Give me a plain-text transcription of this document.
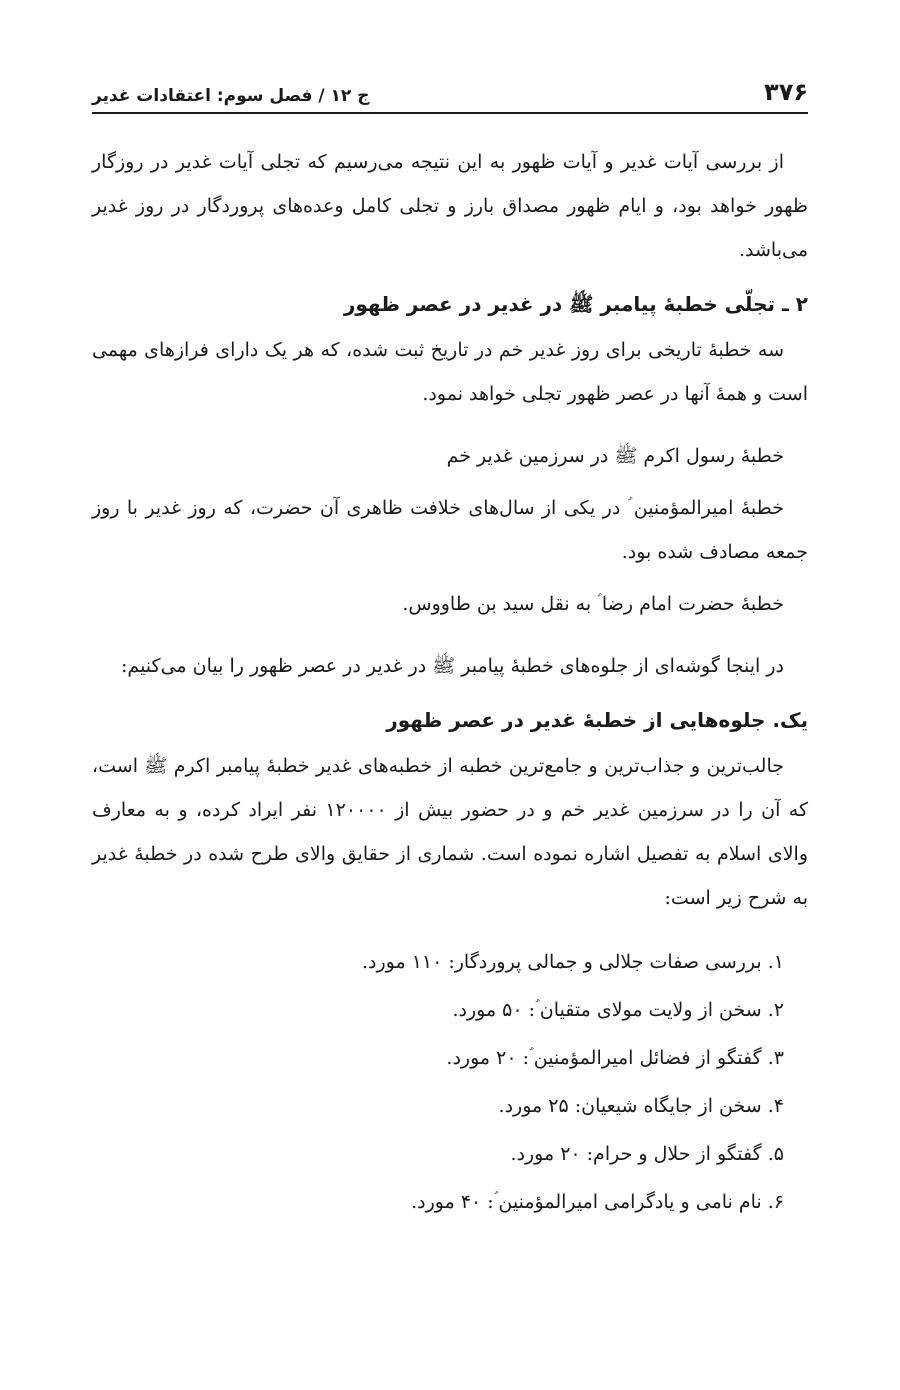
۳۷۶
ج ۱۲ / فصل سوم: اعتقادات غدیر

از بررسی آیات غدیر و آیات ظهور به این نتیجه می‌رسیم که تجلی آیات غدیر در روزگار ظهور خواهد بود، و ایام ظهور مصداق بارز و تجلی کامل وعده‌های پروردگار در روز غدیر می‌باشد.

۲ ـ تجلّی خطبهٔ پیامبر ﷺ در غدیر در عصر ظهور

سه خطبهٔ تاریخی برای روز غدیر خم در تاریخ ثبت شده، که هر یک دارای فرازهای مهمی است و همهٔ آنها در عصر ظهور تجلی خواهد نمود.

خطبهٔ رسول اکرم ﷺ در سرزمین غدیر خم

خطبهٔ امیرالمؤمنین ؑ در یکی از سال‌های خلافت ظاهری آن حضرت، که روز غدیر با روز جمعه مصادف شده بود.

خطبهٔ حضرت امام رضا ؑ به نقل سید بن طاووس.

در اینجا گوشه‌ای از جلوه‌های خطبهٔ پیامبر ﷺ در غدیر در عصر ظهور را بیان می‌کنیم:

یک. جلوه‌هایی از خطبهٔ غدیر در عصر ظهور

جالب‌ترین و جذاب‌ترین و جامع‌ترین خطبه از خطبه‌های غدیر خطبهٔ پیامبر اکرم ﷺ است، که آن را در سرزمین غدیر خم و در حضور بیش از ۱۲۰۰۰۰ نفر ایراد کرده، و به معارف والای اسلام به تفصیل اشاره نموده است. شماری از حقایق والای طرح شده در خطبهٔ غدیر به شرح زیر است:

۱. بررسی صفات جلالی و جمالی پروردگار: ۱۱۰ مورد.
۲. سخن از ولایت مولای متقیان ؑ: ۵۰ مورد.
۳. گفتگو از فضائل امیرالمؤمنین ؑ: ۲۰ مورد.
۴. سخن از جایگاه شیعیان: ۲۵ مورد.
۵. گفتگو از حلال و حرام: ۲۰ مورد.
۶. نام نامی و یادگرامی امیرالمؤمنین ؑ: ۴۰ مورد.
